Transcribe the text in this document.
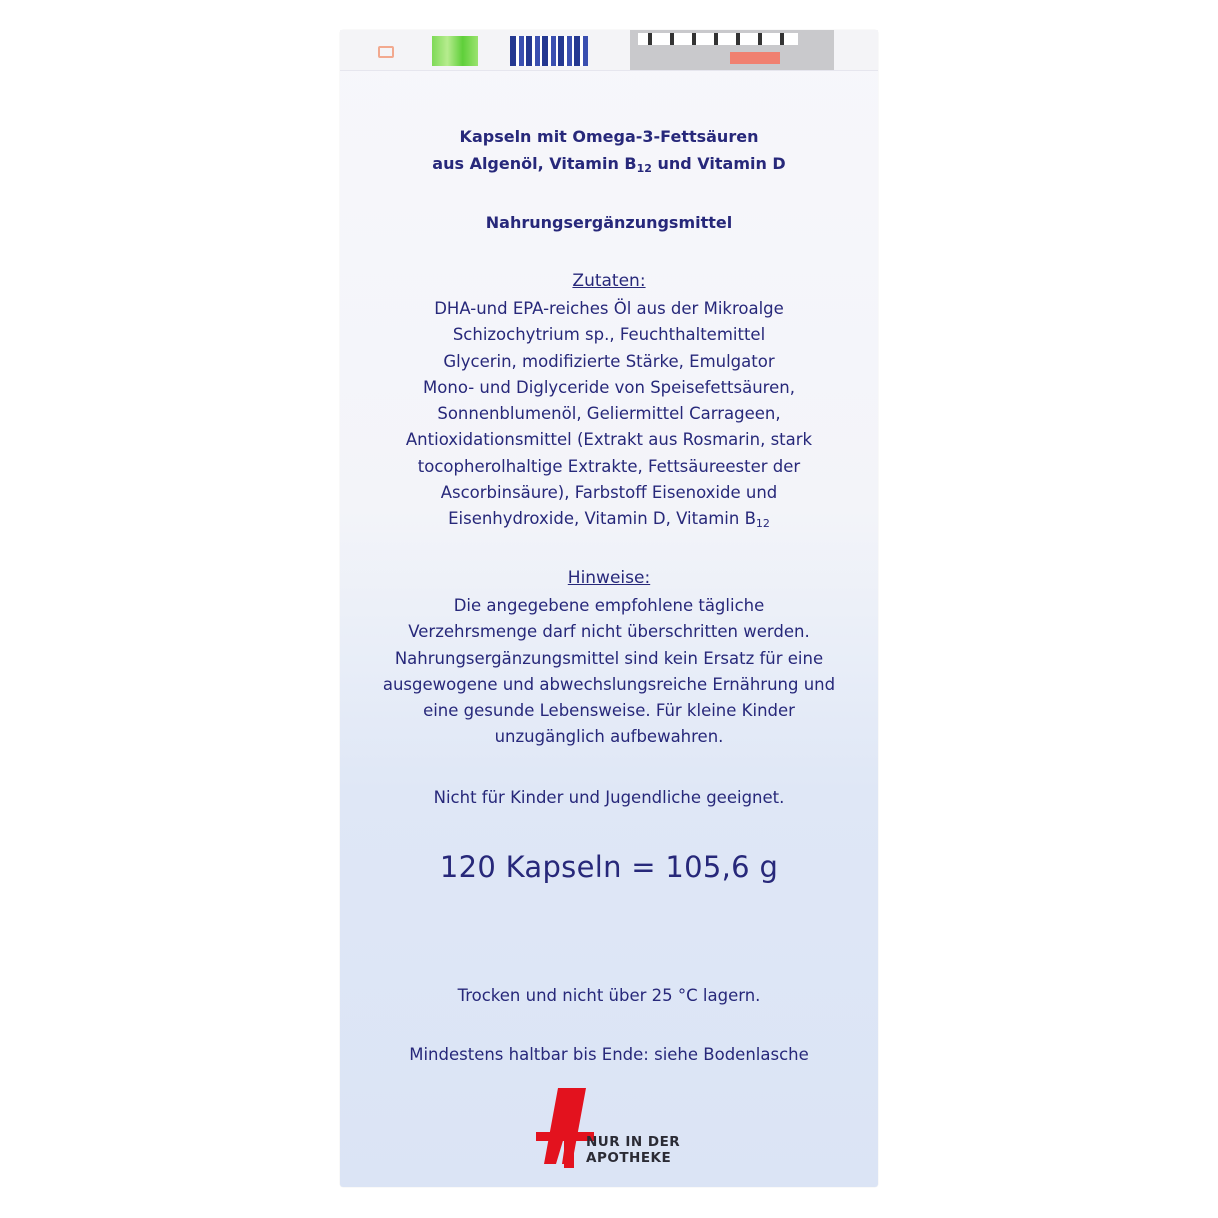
Kapseln mit Omega-3-Fettsäuren
aus Algenöl, Vitamin $B_{12}$ und Vitamin D
Nahrungsergänzungsmittel
Zutaten:
DHA-und EPA-reiches Öl aus der Mikroalge
Schizochytrium sp., Feuchthaltemittel
Glycerin, modifizierte Stärke, Emulgator
Mono- und Diglyceride von Speisefettsäuren,
Sonnenblumenöl, Geliermittel Carrageen,
Antioxidationsmittel (Extrakt aus Rosmarin, stark
tocopherolhaltige Extrakte, Fettsäureester der
Ascorbinsäure), Farbstoff Eisenoxide und
Eisenhydroxide, Vitamin D, Vitamin $B_{12}$
Hinweise:
Die angegebene empfohlene tägliche
Verzehrsmenge darf nicht überschritten werden.
Nahrungsergänzungsmittel sind kein Ersatz für eine
ausgewogene und abwechslungsreiche Ernährung und
eine gesunde Lebensweise. Für kleine Kinder
unzugänglich aufbewahren.
Nicht für Kinder und Jugendliche geeignet.
120 Kapseln = 105,6 g
Trocken und nicht über 25 °C lagern.
Mindestens haltbar bis Ende: siehe Bodenlasche
NUR IN DER
APOTHEKE
